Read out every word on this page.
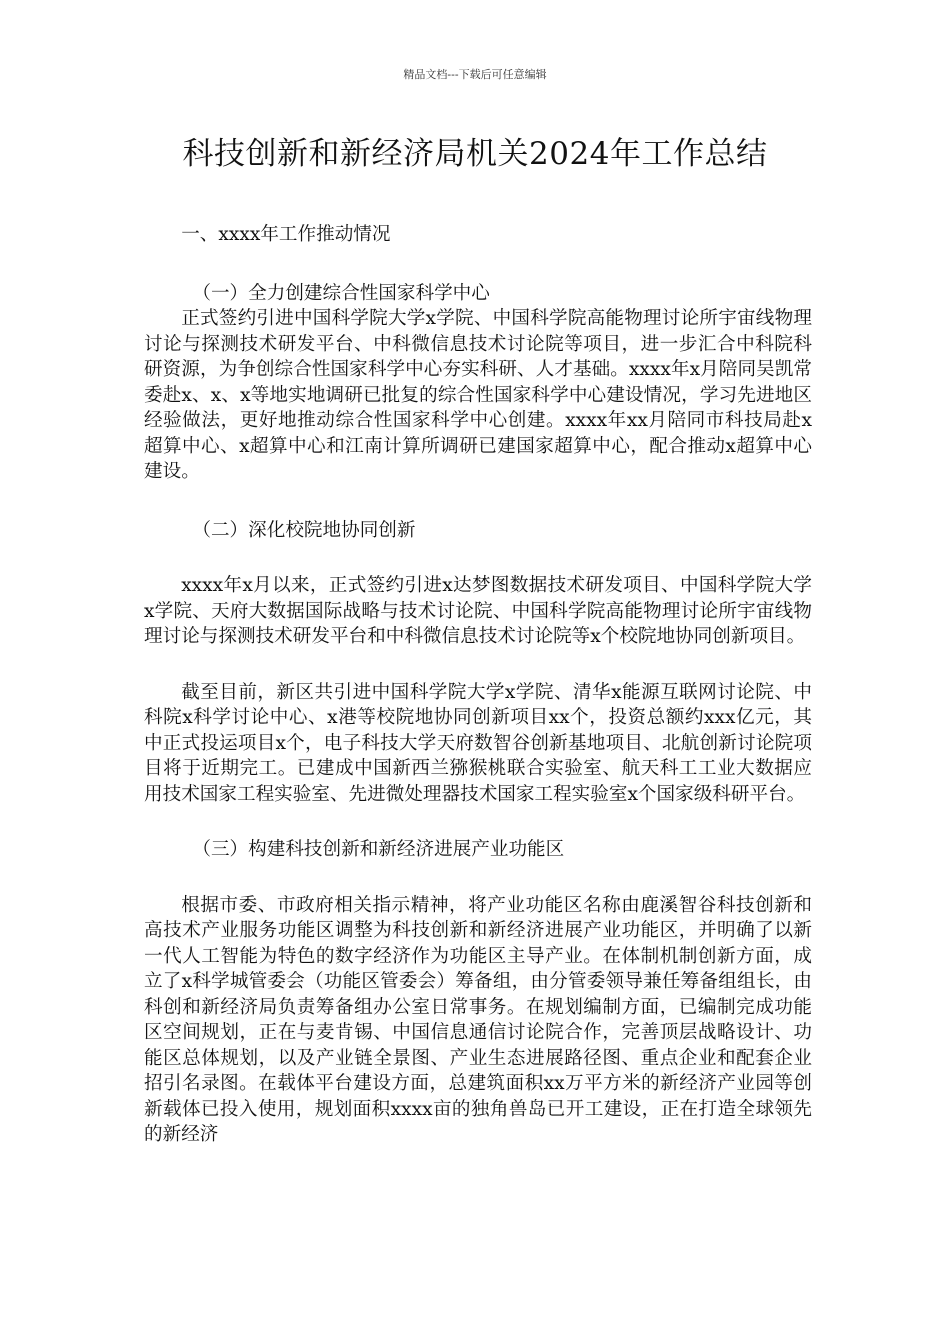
精品文档---下载后可任意编辑
科技创新和新经济局机关2024年工作总结

一、xxxx年工作推动情况

（一）全力创建综合性国家科学中心

正式签约引进中国科学院大学x学院、中国科学院高能物理讨论所宇宙线物理讨论与探测技术研发平台、中科微信息技术讨论院等项目，进一步汇合中科院科研资源，为争创综合性国家科学中心夯实科研、人才基础。xxxx年x月陪同吴凯常委赴x、x、x等地实地调研已批复的综合性国家科学中心建设情况，学习先进地区经验做法，更好地推动综合性国家科学中心创建。xxxx年xx月陪同市科技局赴x超算中心、x超算中心和江南计算所调研已建国家超算中心，配合推动x超算中心建设。

（二）深化校院地协同创新

xxxx年x月以来，正式签约引进x达梦图数据技术研发项目、中国科学院大学x学院、天府大数据国际战略与技术讨论院、中国科学院高能物理讨论所宇宙线物理讨论与探测技术研发平台和中科微信息技术讨论院等x个校院地协同创新项目。

截至目前，新区共引进中国科学院大学x学院、清华x能源互联网讨论院、中科院x科学讨论中心、x港等校院地协同创新项目xx个，投资总额约xxx亿元，其中正式投运项目x个，电子科技大学天府数智谷创新基地项目、北航创新讨论院项目将于近期完工。已建成中国新西兰猕猴桃联合实验室、航天科工工业大数据应用技术国家工程实验室、先进微处理器技术国家工程实验室x个国家级科研平台。

（三）构建科技创新和新经济进展产业功能区

根据市委、市政府相关指示精神，将产业功能区名称由鹿溪智谷科技创新和高技术产业服务功能区调整为科技创新和新经济进展产业功能区，并明确了以新一代人工智能为特色的数字经济作为功能区主导产业。在体制机制创新方面，成立了x科学城管委会（功能区管委会）筹备组，由分管委领导兼任筹备组组长，由科创和新经济局负责筹备组办公室日常事务。在规划编制方面，已编制完成功能区空间规划，正在与麦肯锡、中国信息通信讨论院合作，完善顶层战略设计、功能区总体规划，以及产业链全景图、产业生态进展路径图、重点企业和配套企业招引名录图。在载体平台建设方面，总建筑面积xx万平方米的新经济产业园等创新载体已投入使用，规划面积xxxx亩的独角兽岛已开工建设，正在打造全球领先的新经济
